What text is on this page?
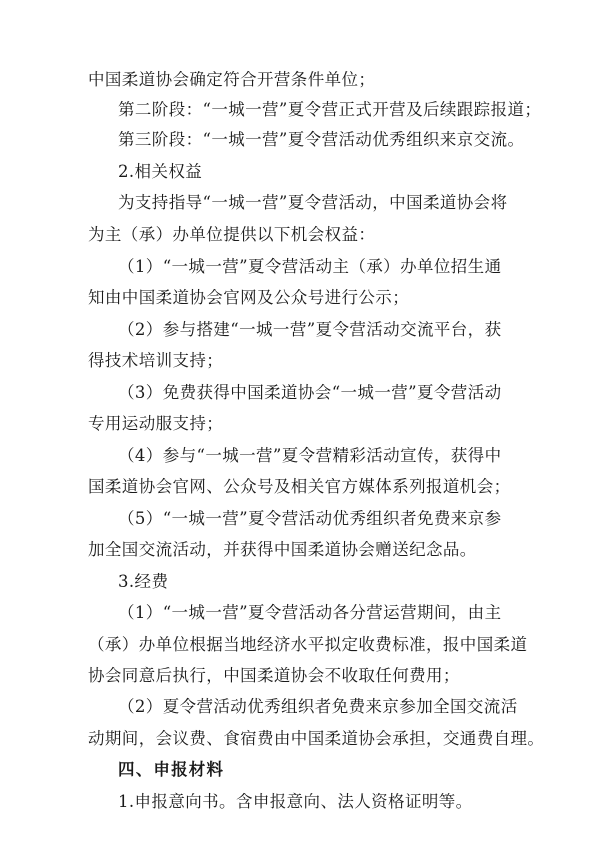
中国柔道协会确定符合开营条件单位；
第二阶段：“一城一营”夏令营正式开营及后续跟踪报道；
第三阶段：“一城一营”夏令营活动优秀组织来京交流。
2.相关权益
为支持指导“一城一营”夏令营活动，中国柔道协会将
为主（承）办单位提供以下机会权益：
（1）“一城一营”夏令营活动主（承）办单位招生通
知由中国柔道协会官网及公众号进行公示；
（2）参与搭建“一城一营”夏令营活动交流平台，获
得技术培训支持；
（3）免费获得中国柔道协会“一城一营”夏令营活动
专用运动服支持；
（4）参与“一城一营”夏令营精彩活动宣传，获得中
国柔道协会官网、公众号及相关官方媒体系列报道机会；
（5）“一城一营”夏令营活动优秀组织者免费来京参
加全国交流活动，并获得中国柔道协会赠送纪念品。
3.经费
（1）“一城一营”夏令营活动各分营运营期间，由主
（承）办单位根据当地经济水平拟定收费标准，报中国柔道
协会同意后执行，中国柔道协会不收取任何费用；
（2）夏令营活动优秀组织者免费来京参加全国交流活
动期间，会议费、食宿费由中国柔道协会承担，交通费自理。
四、申报材料
1.申报意向书。含申报意向、法人资格证明等。
